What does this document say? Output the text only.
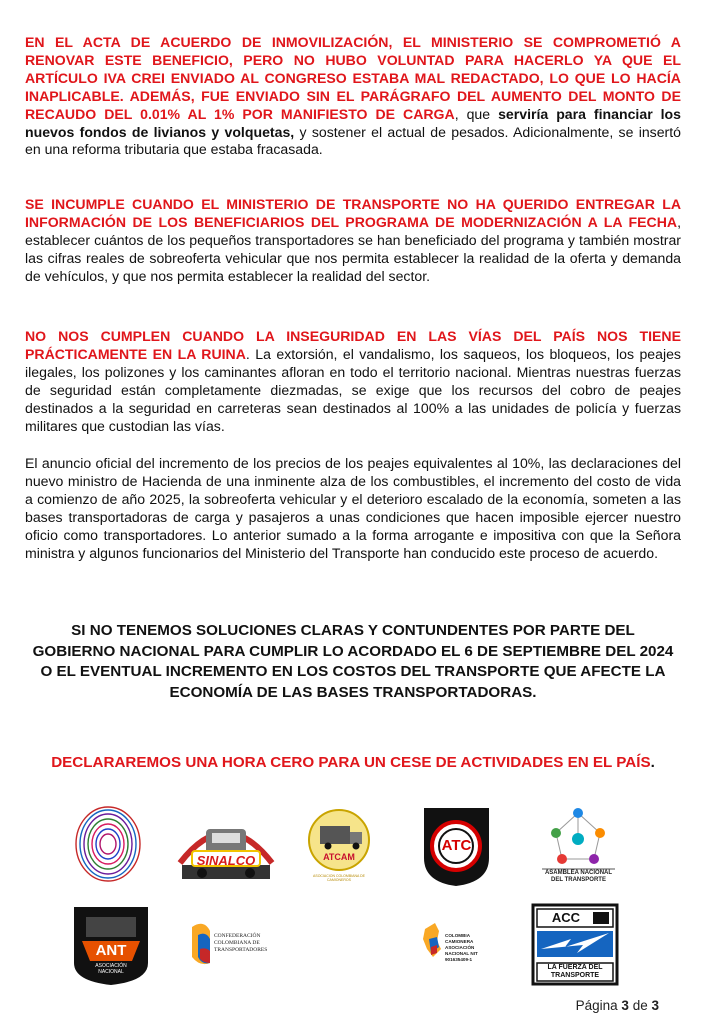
EN EL ACTA DE ACUERDO DE INMOVILIZACIÓN, EL MINISTERIO SE COMPROMETIÓ A RENOVAR ESTE BENEFICIO, PERO NO HUBO VOLUNTAD PARA HACERLO YA QUE EL ARTÍCULO IVA CREI ENVIADO AL CONGRESO ESTABA MAL REDACTADO, LO QUE LO HACÍA INAPLICABLE. ADEMÁS, FUE ENVIADO SIN EL PARÁGRAFO DEL AUMENTO DEL MONTO DE RECAUDO DEL 0.01% AL 1% POR MANIFIESTO DE CARGA, que serviría para financiar los nuevos fondos de livianos y volquetas, y sostener el actual de pesados. Adicionalmente, se insertó en una reforma tributaria que estaba fracasada.

SE INCUMPLE CUANDO EL MINISTERIO DE TRANSPORTE NO HA QUERIDO ENTREGAR LA INFORMACIÓN DE LOS BENEFICIARIOS DEL PROGRAMA DE MODERNIZACIÓN A LA FECHA, establecer cuántos de los pequeños transportadores se han beneficiado del programa y también mostrar las cifras reales de sobreoferta vehicular que nos permita establecer la realidad de la oferta y demanda de vehículos, y que nos permita establecer la realidad del sector.

NO NOS CUMPLEN CUANDO LA INSEGURIDAD EN LAS VÍAS DEL PAÍS NOS TIENE PRÁCTICAMENTE EN LA RUINA. La extorsión, el vandalismo, los saqueos, los bloqueos, los peajes ilegales, los polizones y los caminantes afloran en todo el territorio nacional. Mientras nuestras fuerzas de seguridad están completamente diezmadas, se exige que los recursos del cobro de peajes destinados a la seguridad en carreteras sean destinados al 100% a las unidades de policía y fuerzas militares que custodian las vías.

El anuncio oficial del incremento de los precios de los peajes equivalentes al 10%, las declaraciones del nuevo ministro de Hacienda de una inminente alza de los combustibles, el incremento del costo de vida a comienzo de año 2025, la sobreoferta vehicular y el deterioro escalado de la economía, someten a las bases transportadoras de carga y pasajeros a unas condiciones que hacen imposible ejercer nuestro oficio como transportadores. Lo anterior sumado a la forma arrogante e impositiva con que la Señora ministra y algunos funcionarios del Ministerio del Transporte han conducido este proceso de acuerdo.

SI NO TENEMOS SOLUCIONES CLARAS Y CONTUNDENTES POR PARTE DEL GOBIERNO NACIONAL PARA CUMPLIR LO ACORDADO EL 6 DE SEPTIEMBRE DEL 2024 O EL EVENTUAL INCREMENTO EN LOS COSTOS DEL TRANSPORTE QUE AFECTE LA ECONOMÍA DE LAS BASES TRANSPORTADORAS.

DECLARAREMOS UNA HORA CERO PARA UN CESE DE ACTIVIDADES EN EL PAÍS.

SINALCO	ATCAM
ASOCIACION COLOMBIANA DE CAMIONEROS
ATC
ASAMBLEA NACIONAL DEL TRANSPORTE
ANT
ASOCIACIÓN NACIONAL
CONFEDERACIÓN COLOMBIANA DE TRANSPORTADORES
COLOMBIA CAMIONERA ASOCIACIÓN NACIONAL NIT 901635409-1
ACC
LA FUERZA DEL TRANSPORTE
Página 3 de 3
